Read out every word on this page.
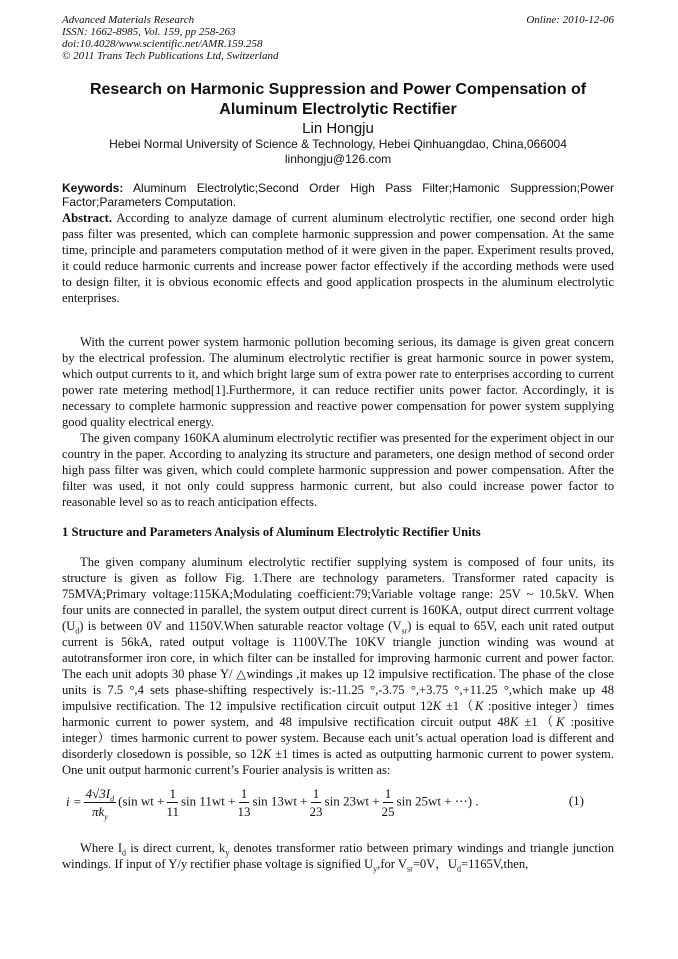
Advanced Materials Research
ISSN: 1662-8985, Vol. 159, pp 258-263
doi:10.4028/www.scientific.net/AMR.159.258
© 2011 Trans Tech Publications Ltd, Switzerland
Online: 2010-12-06
Research on Harmonic Suppression and Power Compensation of Aluminum Electrolytic Rectifier
Lin Hongju
Hebei Normal University of Science & Technology, Hebei Qinhuangdao, China,066004
linhongju@126.com
Keywords: Aluminum Electrolytic;Second Order High Pass Filter;Hamonic Suppression;Power Factor;Parameters Computation.
Abstract. According to analyze damage of current aluminum electrolytic rectifier, one second order high pass filter was presented, which can complete harmonic suppression and power compensation. At the same time, principle and parameters computation method of it were given in the paper. Experiment results proved, it could reduce harmonic currents and increase power factor effectively if the according methods were used to design filter, it is obvious economic effects and good application prospects in the aluminum electrolytic enterprises.
With the current power system harmonic pollution becoming serious, its damage is given great concern by the electrical profession. The aluminum electrolytic rectifier is great harmonic source in power system, which output currents to it, and which bright large sum of extra power rate to enterprises according to current power rate metering method[1].Furthermore, it can reduce rectifier units power factor. Accordingly, it is necessary to complete harmonic suppression and reactive power compensation for power system supplying good quality electrical energy.
The given company 160KA aluminum electrolytic rectifier was presented for the experiment object in our country in the paper. According to analyzing its structure and parameters, one design method of second order high pass filter was given, which could complete harmonic suppression and power compensation. After the filter was used, it not only could suppress harmonic current, but also could increase power factor to reasonable level so as to reach anticipation effects.
1 Structure and Parameters Analysis of Aluminum Electrolytic Rectifier Units
The given company aluminum electrolytic rectifier supplying system is composed of four units, its structure is given as follow Fig. 1.There are technology parameters. Transformer rated capacity is 75MVA;Primary voltage:115KA;Modulating coefficient:79;Variable voltage range: 25V ~ 10.5kV. When four units are connected in parallel, the system output direct current is 160KA, output direct currrent voltage $(U_d)$ is between 0V and 1150V.When saturable reactor voltage $(V_{sr})$ is equal to 65V, each unit rated output current is 56kA, rated output voltage is 1100V.The 10KV triangle junction winding was wound at autotransformer iron core, in which filter can be installed for improving harmonic current and power factor. The each unit adopts 30 phase Y/ △windings ,it makes up 12 impulsive rectification. The phase of the close units is 7.5 °,4 sets phase-shifting respectively is:-11.25 °,-3.75 °,+3.75 °,+11.25 °,which make up 48 impulsive rectification. The 12 impulsive rectification circuit output 12K ±1（K :positive integer）times harmonic current to power system, and 48 impulsive rectification circuit output 48K ±1（K :positive integer）times harmonic current to power system. Because each unit’s actual operation load is different and disorderly closedown is possible, so 12K ±1 times is acted as outputting harmonic current to power system. One unit output harmonic current’s Fourier analysis is written as:
$i = \frac{4√3I_d}{\pi k_y} (\sin$ wt + $\frac{1}{11}$ $\sin 11wt + \frac{1}{13}$ $\sin 13wt + \frac{1}{23}$ $\sin 23wt + \frac{1}{25}$ sin 25wt + ⋯) .	(1)
Where $I_d$ is direct current, $k_y$ denotes transformer ratio between primary windings and triangle junction windings. If input of Y/y rectifier phase voltage is signified $U_y,for$ $V_{sr}=0V$，$U_d=1165V,then$,
